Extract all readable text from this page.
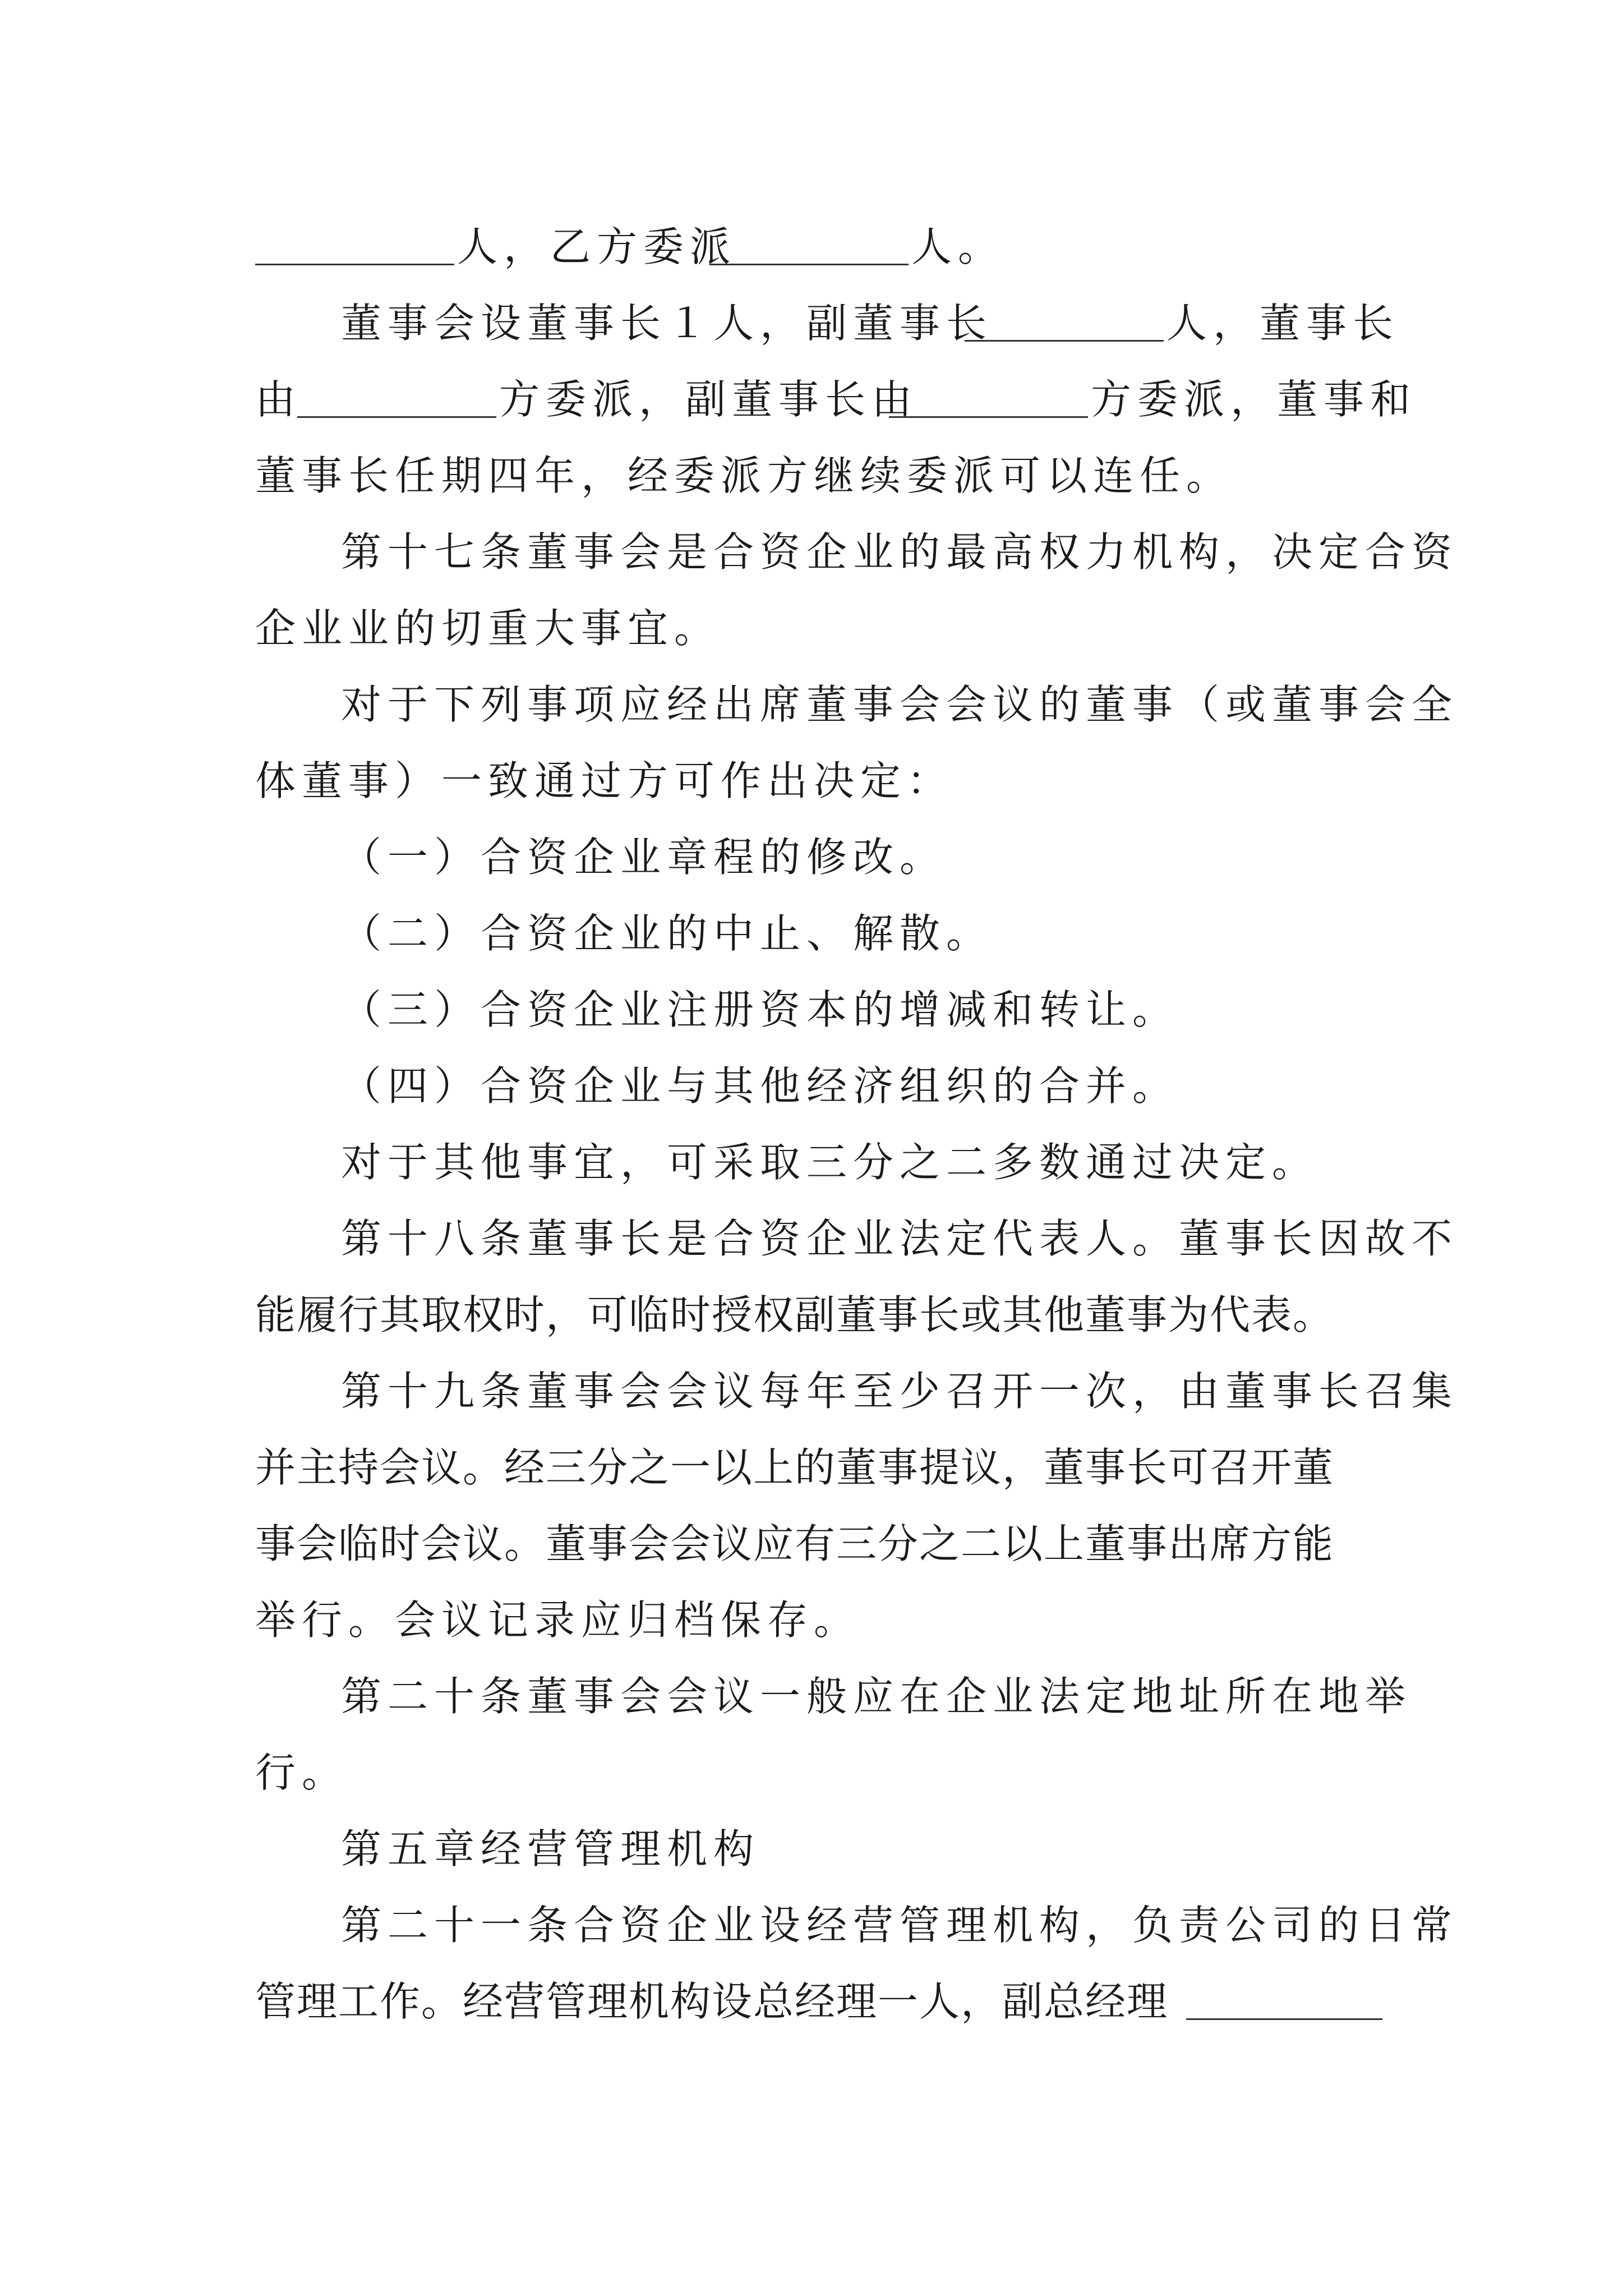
人，乙方委派	人。
董事会设董事长１人，副董事长	人，董事长
由	方委派，副董事长由	方委派，董事和
董事长任期四年，经委派方继续委派可以连任。
第十七条董事会是合资企业的最高权力机构，决定合资
企业业的切重大事宜。
对于下列事项应经出席董事会会议的董事（或董事会全
体董事）一致通过方可作出决定：
（一）合资企业章程的修改。
（二）合资企业的中止、解散。
（三）合资企业注册资本的增减和转让。
（四）合资企业与其他经济组织的合并。
对于其他事宜，可采取三分之二多数通过决定。
第十八条董事长是合资企业法定代表人。董事长因故不
能履行其取权时，可临时授权副董事长或其他董事为代表。
第十九条董事会会议每年至少召开一次，由董事长召集
并主持会议。经三分之一以上的董事提议，董事长可召开董
事会临时会议。董事会会议应有三分之二以上董事出席方能
举行。会议记录应归档保存。
第二十条董事会会议一般应在企业法定地址所在地举
行。
第五章经营管理机构
第二十一条合资企业设经营管理机构，负责公司的日常
管理工作。经营管理机构设总经理一人，副总经理
